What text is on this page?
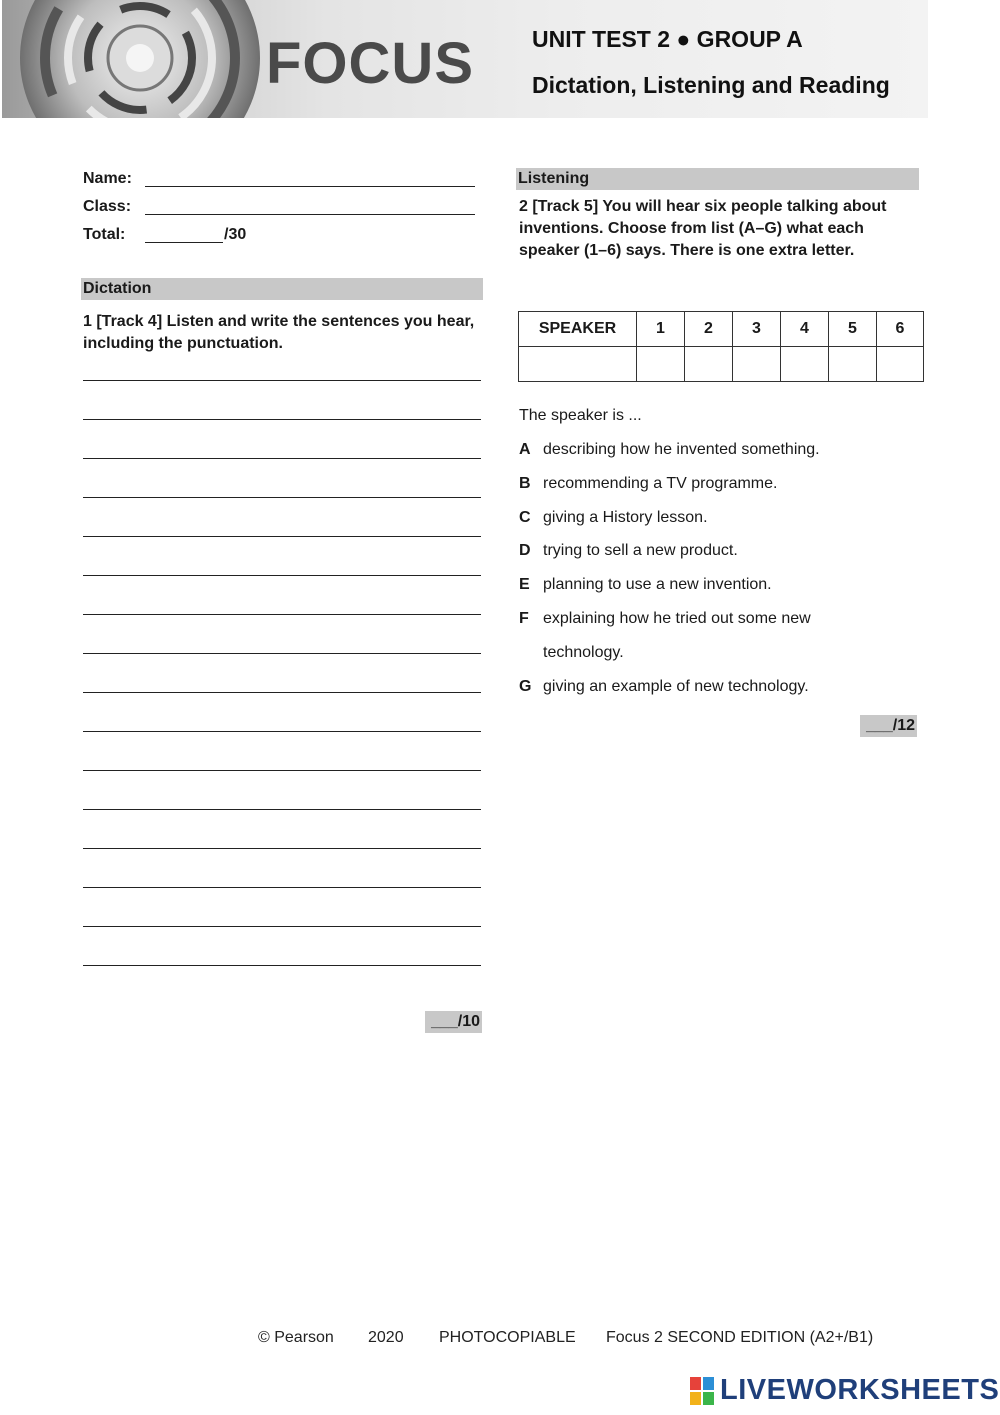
FOCUS	UNIT TEST 2 ● GROUP A
Dictation, Listening and Reading
Name:
Class:
Total:	/30
Dictation
1 [Track 4] Listen and write the sentences you hear,
including the punctuation.
___/10
Listening
2 [Track 5] You will hear six people talking about
inventions. Choose from list (A–G) what each
speaker (1–6) says. There is one extra letter.
SPEAKER	1	2	3	4	5	6

The speaker is ...
A describing how he invented something.
B recommending a TV programme.
C giving a History lesson.
D trying to sell a new product.
E planning to use a new invention.
F explaining how he tried out some new
technology.
G giving an example of new technology.
___/12
© Pearson 2020 PHOTOCOPIABLE Focus 2 SECOND EDITION (A2+/B1)
LIVEWORKSHEETS
